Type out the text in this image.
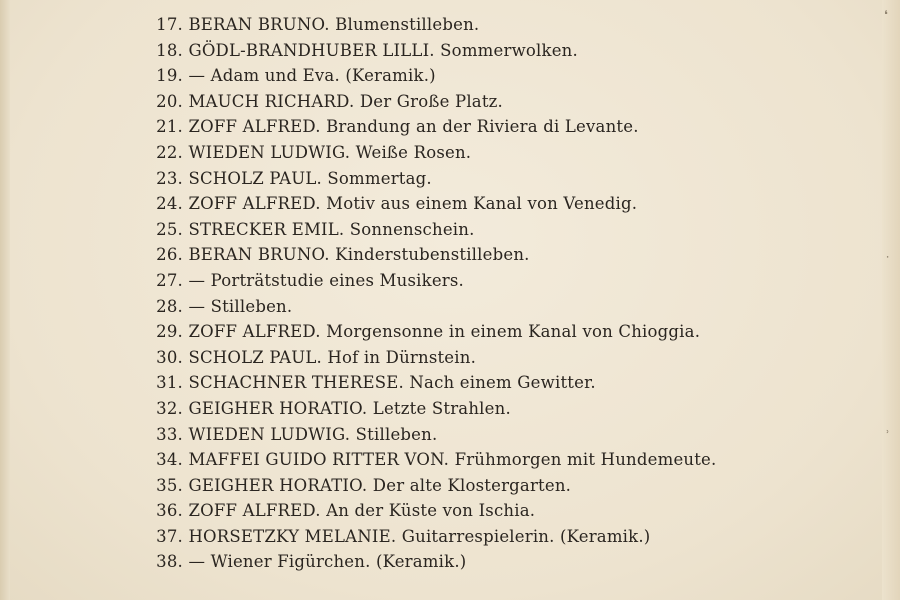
17. BERAN BRUNO. Blumenstilleben.
18. GÖDL-BRANDHUBER LILLI. Sommerwolken.
19. — Adam und Eva. (Keramik.)
20. MAUCH RICHARD. Der Große Platz.
21. ZOFF ALFRED. Brandung an der Riviera di Levante.
22. WIEDEN LUDWIG. Weiße Rosen.
23. SCHOLZ PAUL. Sommertag.
24. ZOFF ALFRED. Motiv aus einem Kanal von Venedig.
25. STRECKER EMIL. Sonnenschein.
26. BERAN BRUNO. Kinderstubenstilleben.
27. — Porträtstudie eines Musikers.
28. — Stilleben.
29. ZOFF ALFRED. Morgensonne in einem Kanal von Chioggia.
30. SCHOLZ PAUL. Hof in Dürnstein.
31. SCHACHNER THERESE. Nach einem Gewitter.
32. GEIGHER HORATIO. Letzte Strahlen.
33. WIEDEN LUDWIG. Stilleben.
34. MAFFEI GUIDO RITTER VON. Frühmorgen mit Hundemeute.
35. GEIGHER HORATIO. Der alte Klostergarten.
36. ZOFF ALFRED. An der Küste von Ischia.
37. HORSETZKY MELANIE. Guitarrespielerin. (Keramik.)
38. — Wiener Figürchen. (Keramik.)
❛
⸱
˒
